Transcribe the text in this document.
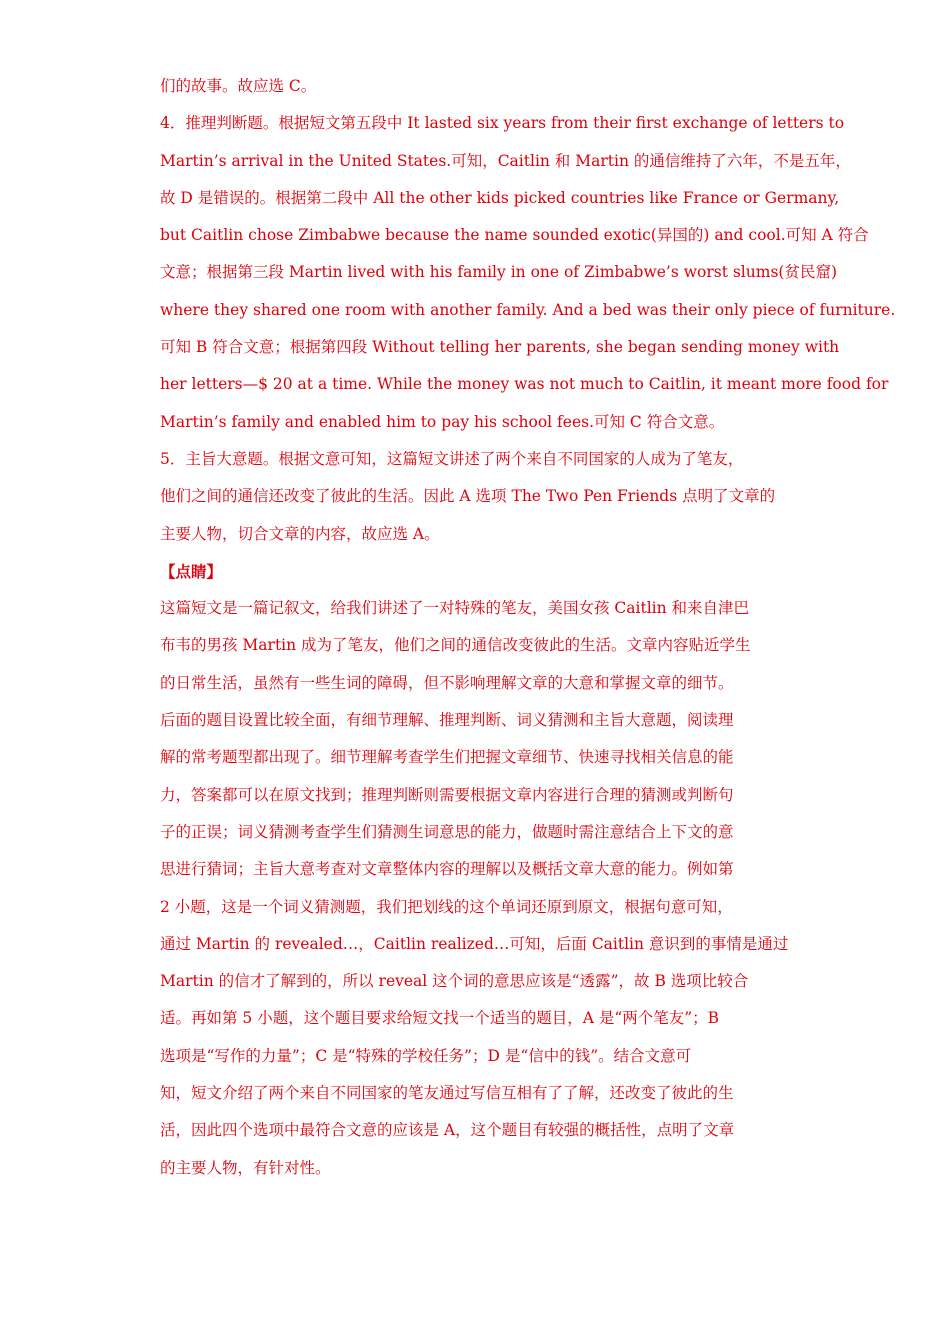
们的故事。故应选 C。
4．推理判断题。根据短文第五段中 It lasted six years from their first exchange of letters to
Martin’s arrival in the United States.可知，Caitlin 和 Martin 的通信维持了六年，不是五年，
故 D 是错误的。根据第二段中 All the other kids picked countries like France or Germany,
but Caitlin chose Zimbabwe because the name sounded exotic(异国的) and cool.可知 A 符合
文意；根据第三段 Martin lived with his family in one of Zimbabwe’s worst slums(贫民窟)
where they shared one room with another family. And a bed was their only piece of furniture.
可知 B 符合文意；根据第四段 Without telling her parents, she began sending money with
her letters—$ 20 at a time. While the money was not much to Caitlin, it meant more food for
Martin’s family and enabled him to pay his school fees.可知 C 符合文意。
5．主旨大意题。根据文意可知，这篇短文讲述了两个来自不同国家的人成为了笔友，
他们之间的通信还改变了彼此的生活。因此 A 选项 The Two Pen Friends 点明了文章的
主要人物，切合文章的内容，故应选 A。
【点睛】
这篇短文是一篇记叙文，给我们讲述了一对特殊的笔友，美国女孩 Caitlin 和来自津巴
布韦的男孩 Martin 成为了笔友，他们之间的通信改变彼此的生活。文章内容贴近学生
的日常生活，虽然有一些生词的障碍，但不影响理解文章的大意和掌握文章的细节。
后面的题目设置比较全面，有细节理解、推理判断、词义猜测和主旨大意题，阅读理
解的常考题型都出现了。细节理解考查学生们把握文章细节、快速寻找相关信息的能
力，答案都可以在原文找到；推理判断则需要根据文章内容进行合理的猜测或判断句
子的正误；词义猜测考查学生们猜测生词意思的能力，做题时需注意结合上下文的意
思进行猜词；主旨大意考查对文章整体内容的理解以及概括文章大意的能力。例如第
2 小题，这是一个词义猜测题，我们把划线的这个单词还原到原文，根据句意可知，
通过 Martin 的 revealed…，Caitlin realized…可知，后面 Caitlin 意识到的事情是通过
Martin 的信才了解到的，所以 reveal 这个词的意思应该是“透露”，故 B 选项比较合
适。再如第 5 小题，这个题目要求给短文找一个适当的题目，A 是“两个笔友”；B
选项是“写作的力量”；C 是“特殊的学校任务”；D 是“信中的钱”。结合文意可
知，短文介绍了两个来自不同国家的笔友通过写信互相有了了解，还改变了彼此的生
活，因此四个选项中最符合文意的应该是 A，这个题目有较强的概括性，点明了文章
的主要人物，有针对性。
